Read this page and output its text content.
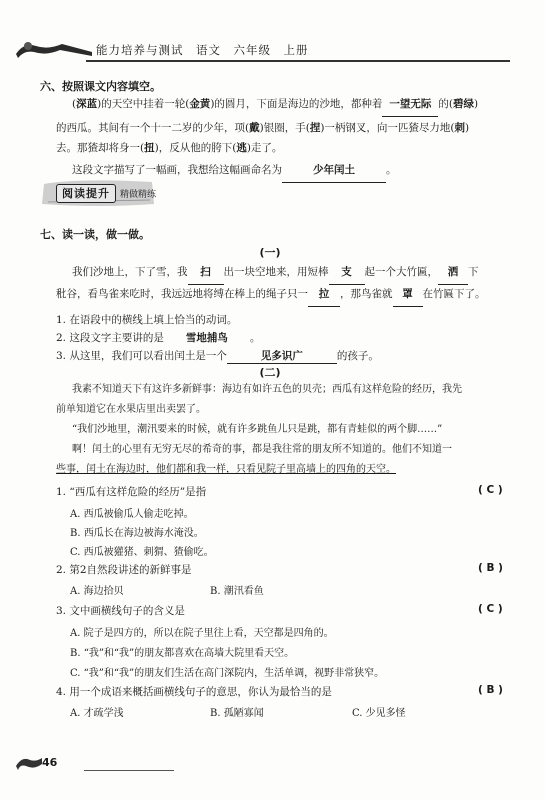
能力培养与测试　语文　六年级　上册
六、按照课文内容填空。
(深蓝)的天空中挂着一轮(金黄)的圆月，下面是海边的沙地，都种着 一望无际 的(碧绿)
的西瓜。其间有一个十一二岁的少年，项(戴)银圈，手(捏)一柄钢叉，向一匹猹尽力地(刺)
去。那猹却将身一(扭)，反从他的胯下(逃)走了。
这段文字描写了一幅画，我想给这幅画命名为	少年闰土	。
阅读提升	精做精练
七、读一读，做一做。
(一)
我们沙地上，下了雪，我 扫 出一块空地来，用短棒 支 起一个大竹匾， 洒 下
秕谷，看鸟雀来吃时，我远远地将缚在棒上的绳子只一 拉 ，那鸟雀就 罩 在竹匾下了。
1. 在语段中的横线上填上恰当的动词。
2. 这段文字主要讲的是 雪地捕鸟 。
3. 从这里，我们可以看出闰土是一个	见多识广	的孩子。
(二)
我素不知道天下有这许多新鲜事：海边有如许五色的贝壳；西瓜有这样危险的经历，我先
前单知道它在水果店里出卖罢了。
“我们沙地里，潮汛要来的时候，就有许多跳鱼儿只是跳，都有青蛙似的两个脚……”
啊！闰土的心里有无穷无尽的希奇的事，都是我往常的朋友所不知道的。他们不知道一
些事，闰土在海边时，他们都和我一样，只看见院子里高墙上的四角的天空。
1. “西瓜有这样危险的经历”是指	( C )
A. 西瓜被偷瓜人偷走吃掉。
B. 西瓜长在海边被海水淹没。
C. 西瓜被獾猪、刺猬、猹偷吃。
2. 第2自然段讲述的新鲜事是	( B )
A. 海边拾贝	B. 潮汛看鱼
3. 文中画横线句子的含义是	( C )
A. 院子是四方的，所以在院子里往上看，天空都是四角的。
B. “我”和“我”的朋友都喜欢在高墙大院里看天空。
C. “我”和“我”的朋友们生活在高门深院内，生活单调，视野非常狭窄。
4. 用一个成语来概括画横线句子的意思，你认为最恰当的是	( B )
A. 才疏学浅	B. 孤陋寡闻	C. 少见多怪
46
